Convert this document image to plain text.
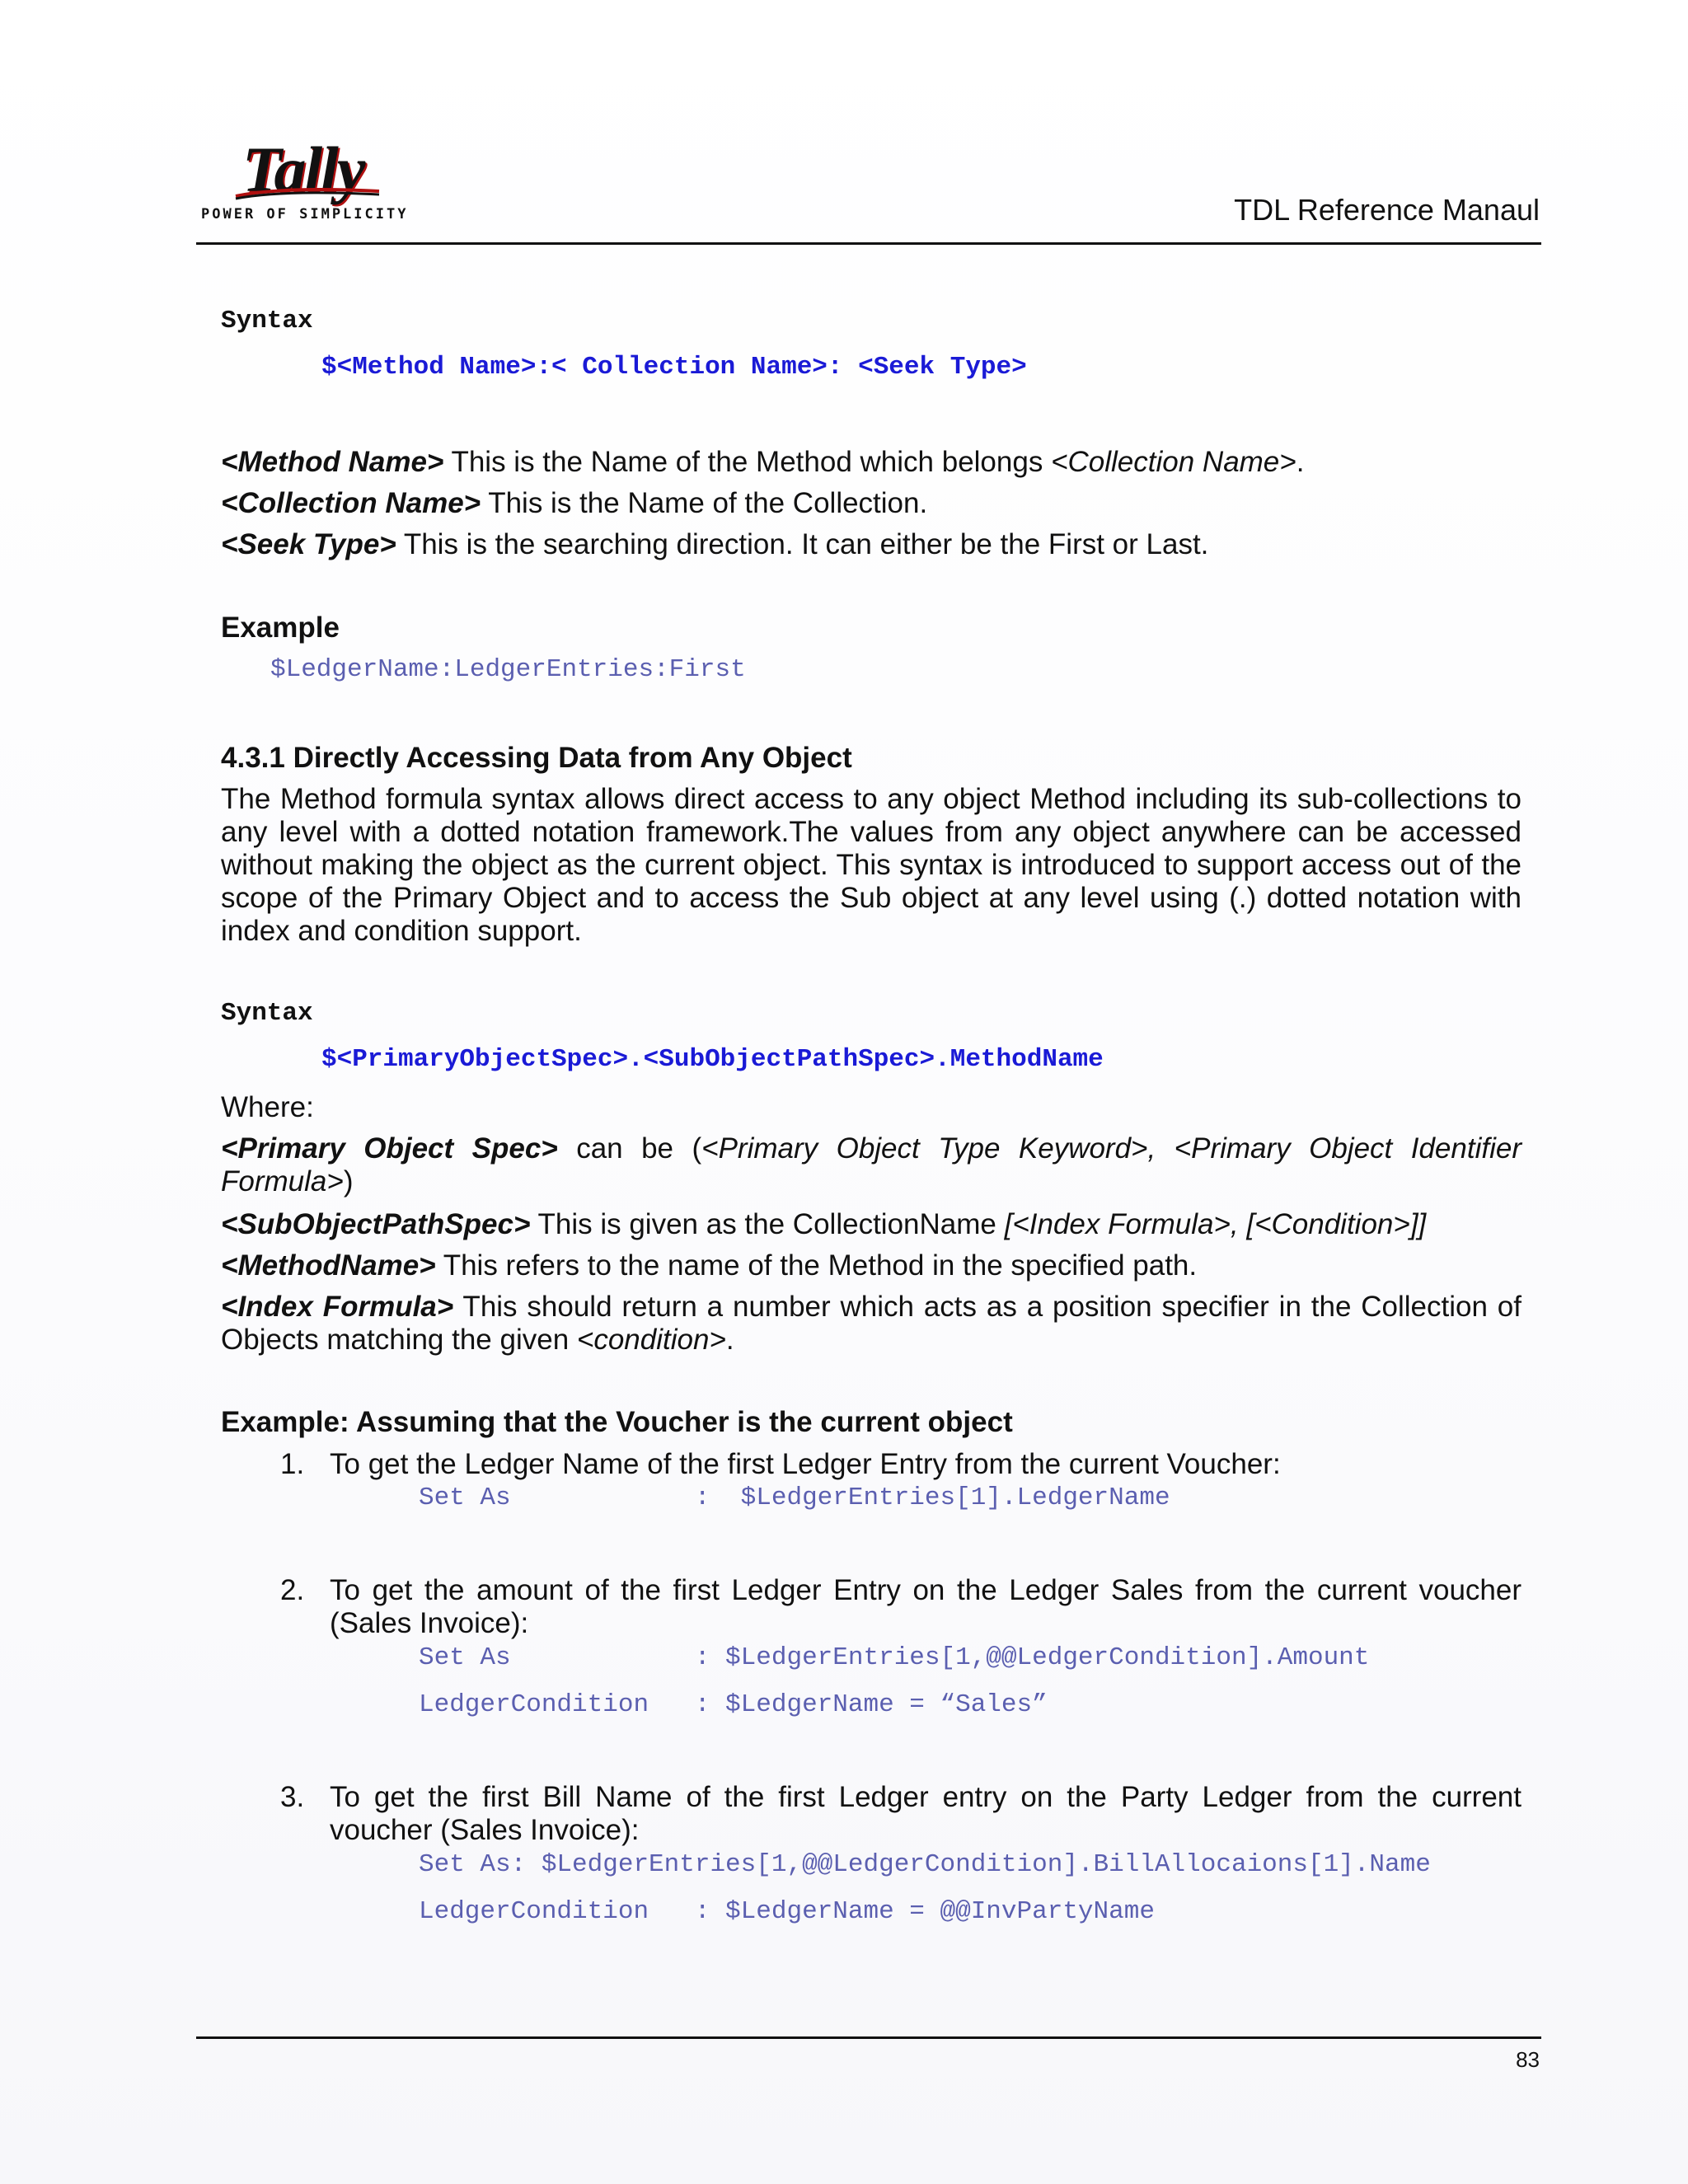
Tally
POWER OF SIMPLICITY	TDL Reference Manaul
Syntax
$<Method Name>:< Collection Name>: <Seek Type>
<Method Name> This is the Name of the Method which belongs <Collection Name>.
<Collection Name> This is the Name of the Collection.
<Seek Type> This is the searching direction. It can either be the First or Last.
Example
$LedgerName:LedgerEntries:First
4.3.1 Directly Accessing Data from Any Object
The Method formula syntax allows direct access to any object Method including its sub-collections to any level with a dotted notation framework.The values from any object anywhere can be accessed without making the object as the current object. This syntax is introduced to support access out of the scope of the Primary Object and to access the Sub object at any level using (.) dotted notation with index and condition support.
Syntax
$<PrimaryObjectSpec>.<SubObjectPathSpec>.MethodName
Where:
<Primary Object Spec> can be (<Primary Object Type Keyword>, <Primary Object Identifier Formula>)
<SubObjectPathSpec> This is given as the CollectionName [<Index Formula>, [<Condition>]]
<MethodName> This refers to the name of the Method in the specified path.
<Index Formula> This should return a number which acts as a position specifier in the Collection of Objects matching the given <condition>.
Example: Assuming that the Voucher is the current object
1. To get the Ledger Name of the first Ledger Entry from the current Voucher:
Set As            :  $LedgerEntries[1].LedgerName
2. To get the amount of the first Ledger Entry on the Ledger Sales from the current voucher (Sales Invoice):
Set As            : $LedgerEntries[1,@@LedgerCondition].Amount
LedgerCondition   : $LedgerName = “Sales”
3. To get the first Bill Name of the first Ledger entry on the Party Ledger from the current voucher (Sales Invoice):
Set As: $LedgerEntries[1,@@LedgerCondition].BillAllocaions[1].Name
LedgerCondition   : $LedgerName = @@InvPartyName
83
